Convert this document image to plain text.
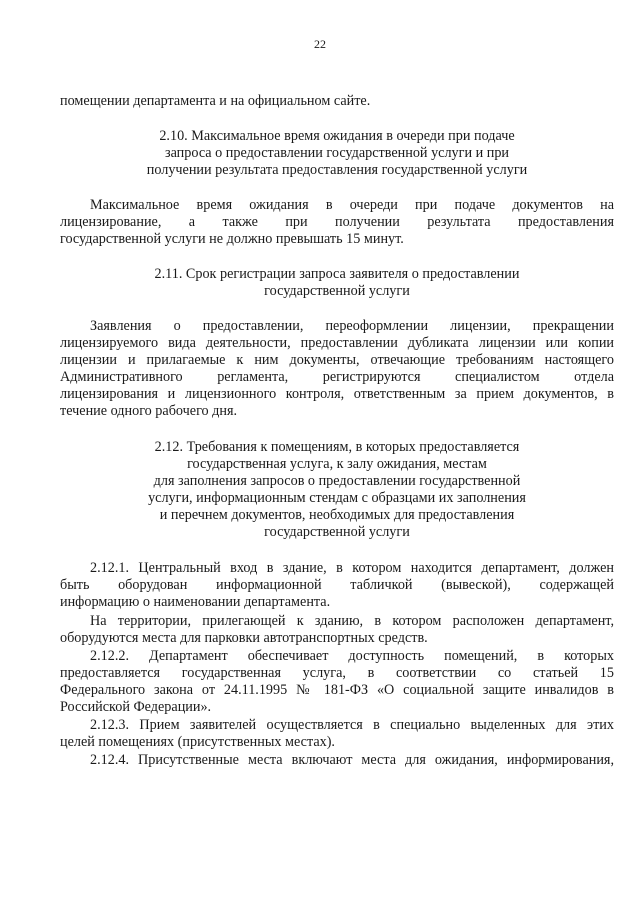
22
помещении департамента и на официальном сайте.
2.10. Максимальное время ожидания в очереди при подаче
запроса о предоставлении государственной услуги и при
получении результата предоставления государственной услуги
Максимальное время ожидания в очереди при подаче документов на
лицензирование, а также при получении результата предоставления
государственной услуги не должно превышать 15 минут.
2.11. Срок регистрации запроса заявителя о предоставлении
государственной услуги
Заявления о предоставлении, переоформлении лицензии, прекращении
лицензируемого вида деятельности, предоставлении дубликата лицензии или копии
лицензии и прилагаемые к ним документы, отвечающие требованиям настоящего
Административного регламента, регистрируются специалистом отдела
лицензирования и лицензионного контроля, ответственным за прием документов, в
течение одного рабочего дня.
2.12. Требования к помещениям, в которых предоставляется
государственная услуга, к залу ожидания, местам
для заполнения запросов о предоставлении государственной
услуги, информационным стендам с образцами их заполнения
и перечнем документов, необходимых для предоставления
государственной услуги
2.12.1. Центральный вход в здание, в котором находится департамент, должен
быть оборудован информационной табличкой (вывеской), содержащей
информацию о наименовании департамента.
На территории, прилегающей к зданию, в котором расположен департамент,
оборудуются места для парковки автотранспортных средств.
2.12.2. Департамент обеспечивает доступность помещений, в которых
предоставляется государственная услуга, в соответствии со статьей 15
Федерального закона от 24.11.1995 № 181-ФЗ «О социальной защите инвалидов в
Российской Федерации».
2.12.3. Прием заявителей осуществляется в специально выделенных для этих
целей помещениях (присутственных местах).
2.12.4. Присутственные места включают места для ожидания, информирования,
